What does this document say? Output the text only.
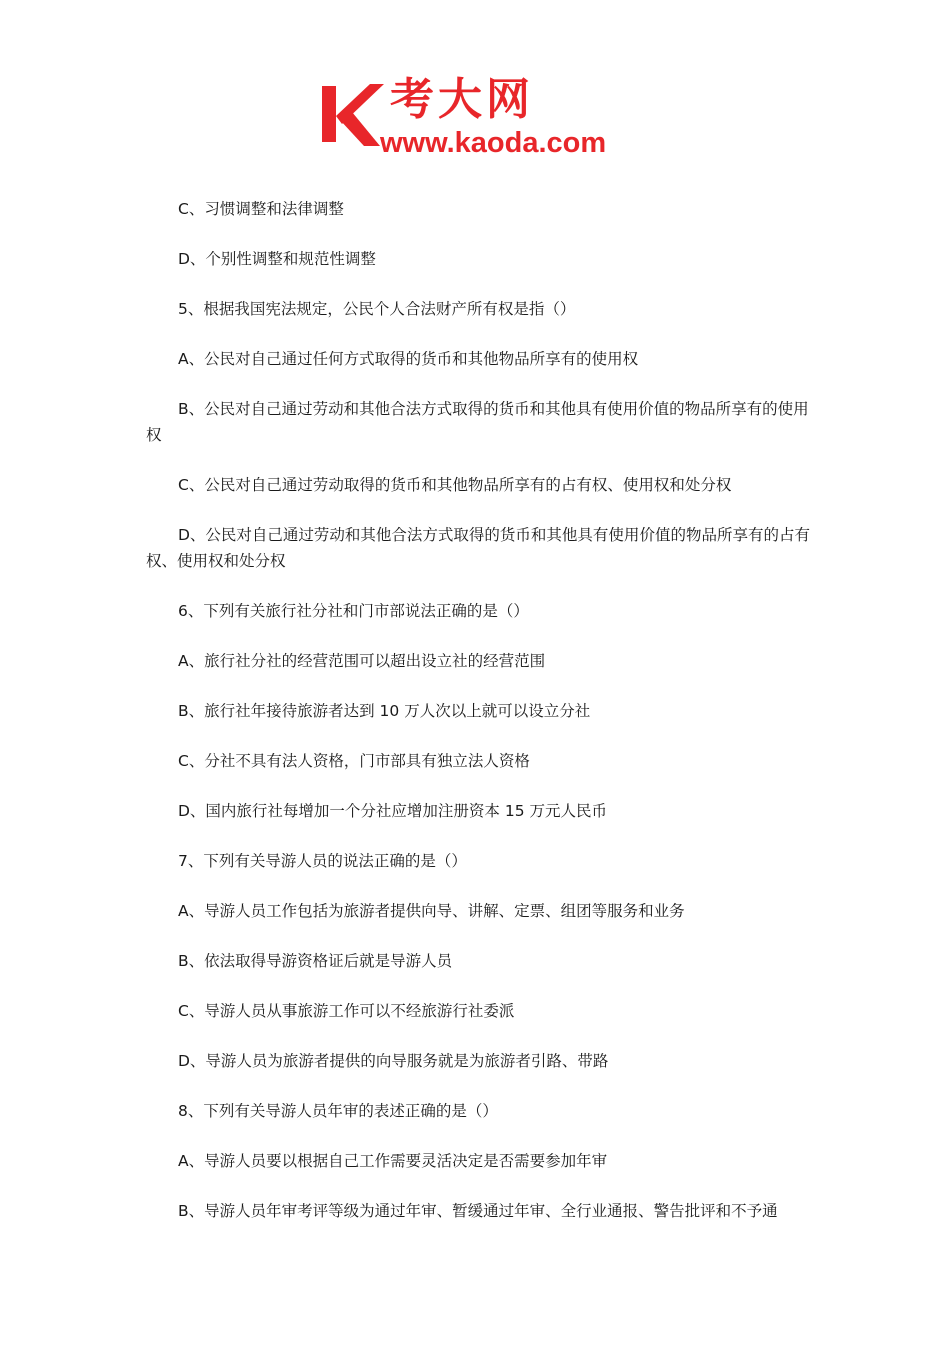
考大网
www.kaoda.com

C、习惯调整和法律调整

D、个别性调整和规范性调整

5、根据我国宪法规定，公民个人合法财产所有权是指（）

A、公民对自己通过任何方式取得的货币和其他物品所享有的使用权

B、公民对自己通过劳动和其他合法方式取得的货币和其他具有使用价值的物品所享有的使用权

C、公民对自己通过劳动取得的货币和其他物品所享有的占有权、使用权和处分权

D、公民对自己通过劳动和其他合法方式取得的货币和其他具有使用价值的物品所享有的占有权、使用权和处分权

6、下列有关旅行社分社和门市部说法正确的是（）

A、旅行社分社的经营范围可以超出设立社的经营范围

B、旅行社年接待旅游者达到 10 万人次以上就可以设立分社

C、分社不具有法人资格，门市部具有独立法人资格

D、国内旅行社每增加一个分社应增加注册资本 15 万元人民币

7、下列有关导游人员的说法正确的是（）

A、导游人员工作包括为旅游者提供向导、讲解、定票、组团等服务和业务

B、依法取得导游资格证后就是导游人员

C、导游人员从事旅游工作可以不经旅游行社委派

D、导游人员为旅游者提供的向导服务就是为旅游者引路、带路

8、下列有关导游人员年审的表述正确的是（）

A、导游人员要以根据自己工作需要灵活决定是否需要参加年审

B、导游人员年审考评等级为通过年审、暂缓通过年审、全行业通报、警告批评和不予通
